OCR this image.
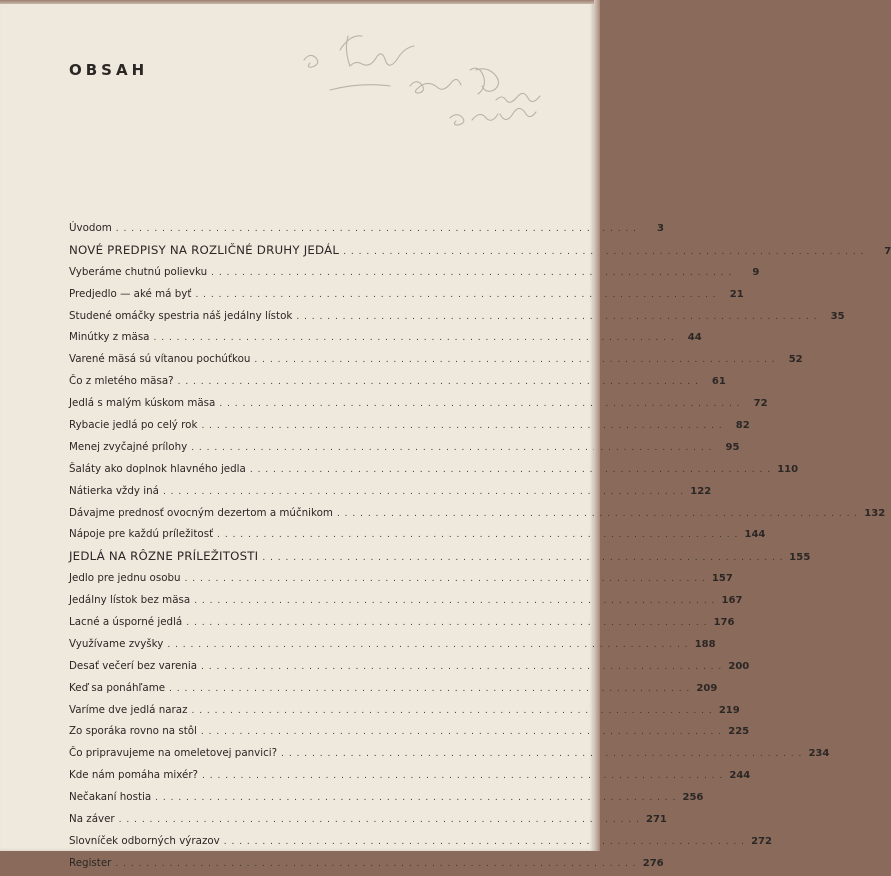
OBSAH
Úvodom . . .	3
NOVÉ PREDPISY NA ROZLIČNÉ DRUHY JEDÁL . . .	7
Vyberáme chutnú polievku . . .	9
Predjedlo — aké má byť . . .	21
Studené omáčky spestria náš jedálny lístok . . .	35
Minútky z mäsa . . .	44
Varené mäsá sú vítanou pochúťkou . . .	52
Čo z mletého mäsa? . . .	61
Jedlá s malým kúskom mäsa . . .	72
Rybacie jedlá po celý rok . . .	82
Menej zvyčajné prílohy . . .	95
Šaláty ako doplnok hlavného jedla . . .	110
Nátierka vždy iná . . .	122
Dávajme prednosť ovocným dezertom a múčnikom . . .	132
Nápoje pre každú príležitosť . . .	144
JEDLÁ NA RÔZNE PRÍLEŽITOSTI . . .	155
Jedlo pre jednu osobu . . .	157
Jedálny lístok bez mäsa . . .	167
Lacné a úsporné jedlá . . .	176
Využívame zvyšky . . .	188
Desať večerí bez varenia . . .	200
Keď sa ponáhľame . . .	209
Varíme dve jedlá naraz . . .	219
Zo sporáka rovno na stôl . . .	225
Čo pripravujeme na omeletovej panvici? . . .	234
Kde nám pomáha mixér? . . .	244
Nečakaní hostia . . .	256
Na záver . . .	271
Slovníček odborných výrazov . . .	272
Register . . .	276
